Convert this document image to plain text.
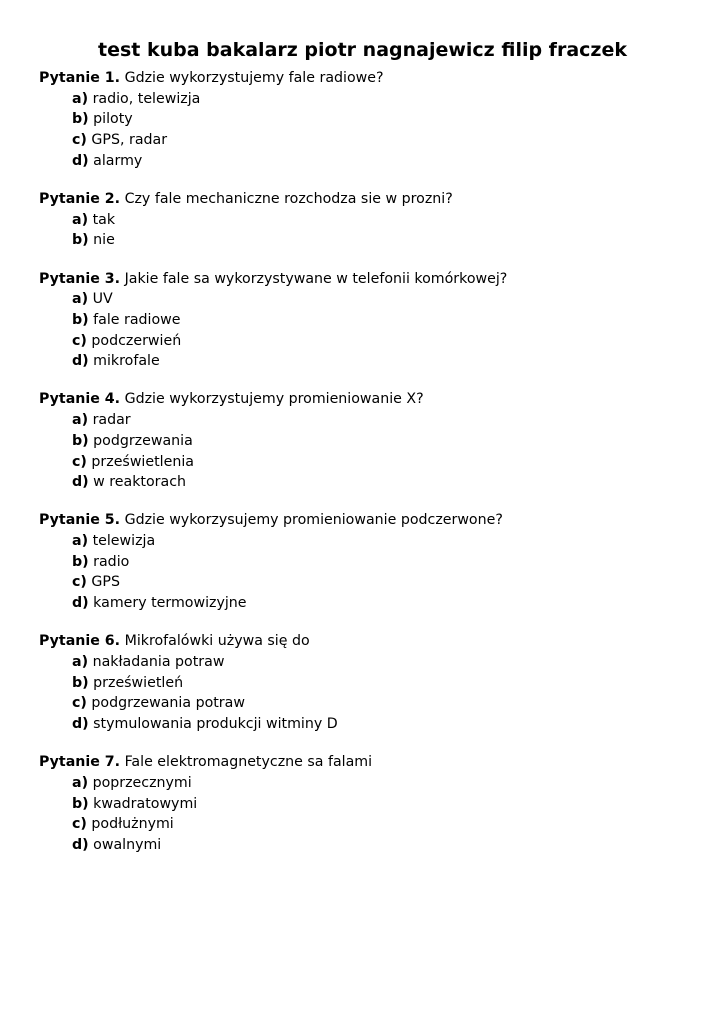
test kuba bakalarz piotr nagnajewicz filip fraczek
Pytanie 1. Gdzie wykorzystujemy fale radiowe?
a) radio, telewizja
b) piloty
c) GPS, radar
d) alarmy
Pytanie 2. Czy fale mechaniczne rozchodza sie w prozni?
a) tak
b) nie
Pytanie 3. Jakie fale sa wykorzystywane w telefonii komórkowej?
a) UV
b) fale radiowe
c) podczerwień
d) mikrofale
Pytanie 4. Gdzie wykorzystujemy promieniowanie X?
a) radar
b) podgrzewania
c) prześwietlenia
d) w reaktorach
Pytanie 5. Gdzie wykorzysujemy promieniowanie podczerwone?
a) telewizja
b) radio
c) GPS
d) kamery termowizyjne
Pytanie 6. Mikrofalówki używa się do
a) nakładania potraw
b) prześwietleń
c) podgrzewania potraw
d) stymulowania produkcji witminy D
Pytanie 7. Fale elektromagnetyczne sa falami
a) poprzecznymi
b) kwadratowymi
c) podłużnymi
d) owalnymi
